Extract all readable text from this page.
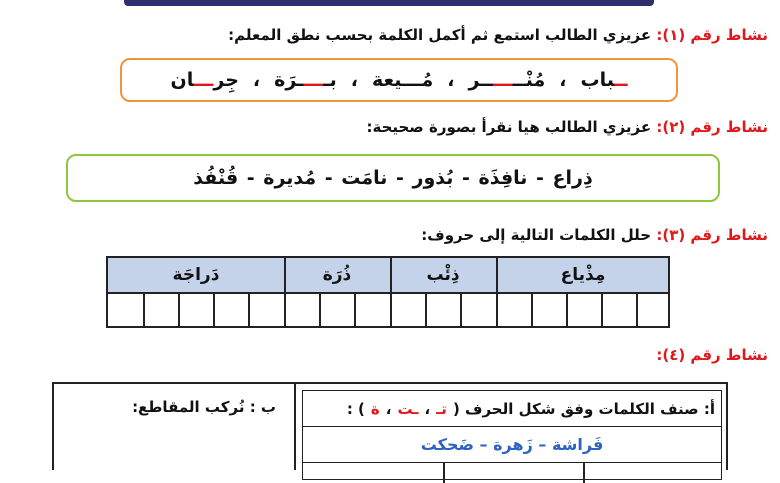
نشاط رقم (١): عزيزي الطالب استمع ثم أكمل الكلمة بحسب نطق المعلم:
ــباب
،
مُنْـــــــر
،
مُـــيعة
،
بـــــرَة
،
جِرـــان
نشاط رقم (٢): عزيزي الطالب هيا نقرأ بصورة صحيحة:
ذِراع - نافِذَة - بُذور - نامَت - مُديرة - قُنْفُذ
نشاط رقم (٣): حلل الكلمات التالية إلى حروف:
مِذْياع
ذِئْب
ذُرَة
دَراجَة
نشاط رقم (٤):
ب : نُركب المقاطع:	أ: صنف الكلمات وفق شكل الحرف (
تـ
،
ـت
،
ة
) :
فَراشة – زَهرة – ضَحكت
